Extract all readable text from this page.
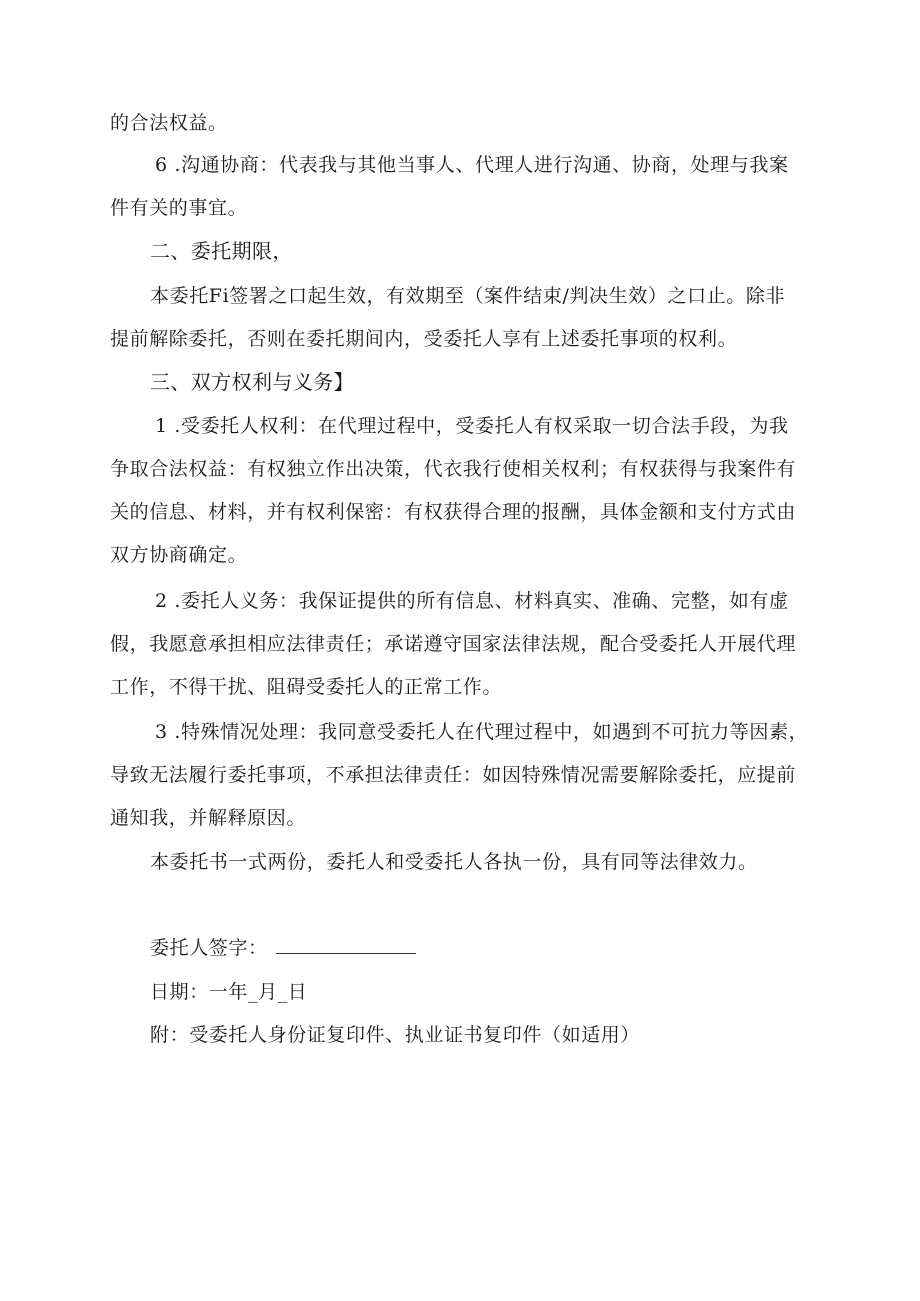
的合法权益。
6 .沟通协商：代表我与其他当事人、代理人进行沟通、协商，处理与我案
件有关的事宜。
二、委托期限，
本委托Fi签署之口起生效，有效期至（案件结束/判决生效）之口止。除非
提前解除委托，否则在委托期间内，受委托人享有上述委托事项的权利。
三、双方权利与义务】
1 .受委托人权利：在代理过程中，受委托人有权采取一切合法手段，为我
争取合法权益：有权独立作出决策，代衣我行使相关权利；有权获得与我案件有
关的信息、材料，并有权利保密：有权获得合理的报酬，具体金额和支付方式由
双方协商确定。
2 .委托人义务：我保证提供的所有信息、材料真实、准确、完整，如有虚
假，我愿意承担相应法律责任；承诺遵守国家法律法规，配合受委托人开展代理
工作，不得干扰、阻碍受委托人的正常工作。
3 .特殊情况处理：我同意受委托人在代理过程中，如遇到不可抗力等因素，
导致无法履行委托事项，不承担法律责任：如因特殊情况需要解除委托，应提前
通知我，并解释原因。
本委托书一式两份，委托人和受委托人各执一份，具有同等法律效力。
委托人签字：
日期：一年_月_日
附：受委托人身份证复印件、执业证书复印件（如适用）
